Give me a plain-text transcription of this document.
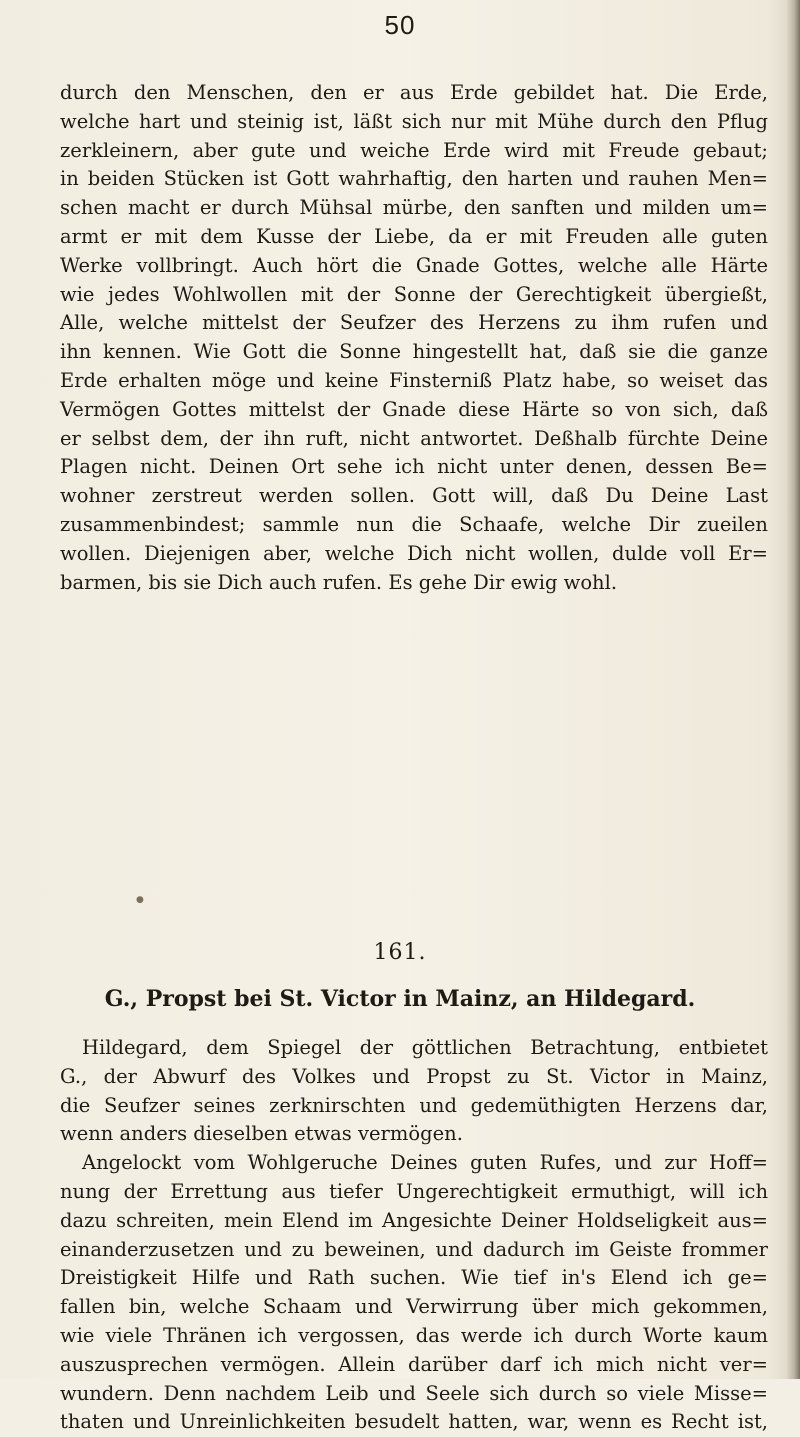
50
durch den Menschen, den er aus Erde gebildet hat. Die Erde,
welche hart und steinig ist, läßt sich nur mit Mühe durch den Pflug
zerkleinern, aber gute und weiche Erde wird mit Freude gebaut;
in beiden Stücken ist Gott wahrhaftig, den harten und rauhen Men=
schen macht er durch Mühsal mürbe, den sanften und milden um=
armt er mit dem Kusse der Liebe, da er mit Freuden alle guten
Werke vollbringt. Auch hört die Gnade Gottes, welche alle Härte
wie jedes Wohlwollen mit der Sonne der Gerechtigkeit übergießt,
Alle, welche mittelst der Seufzer des Herzens zu ihm rufen und
ihn kennen. Wie Gott die Sonne hingestellt hat, daß sie die ganze
Erde erhalten möge und keine Finsterniß Platz habe, so weiset das
Vermögen Gottes mittelst der Gnade diese Härte so von sich, daß
er selbst dem, der ihn ruft, nicht antwortet. Deßhalb fürchte Deine
Plagen nicht. Deinen Ort sehe ich nicht unter denen, dessen Be=
wohner zerstreut werden sollen. Gott will, daß Du Deine Last
zusammenbindest; sammle nun die Schaafe, welche Dir zueilen
wollen. Diejenigen aber, welche Dich nicht wollen, dulde voll Er=
barmen, bis sie Dich auch rufen. Es gehe Dir ewig wohl.
●
161.
G., Propst bei St. Victor in Mainz, an Hildegard.
Hildegard, dem Spiegel der göttlichen Betrachtung, entbietet
G., der Abwurf des Volkes und Propst zu St. Victor in Mainz,
die Seufzer seines zerknirschten und gedemüthigten Herzens dar,
wenn anders dieselben etwas vermögen.
Angelockt vom Wohlgeruche Deines guten Rufes, und zur Hoff=
nung der Errettung aus tiefer Ungerechtigkeit ermuthigt, will ich
dazu schreiten, mein Elend im Angesichte Deiner Holdseligkeit aus=
einanderzusetzen und zu beweinen, und dadurch im Geiste frommer
Dreistigkeit Hilfe und Rath suchen. Wie tief in's Elend ich ge=
fallen bin, welche Schaam und Verwirrung über mich gekommen,
wie viele Thränen ich vergossen, das werde ich durch Worte kaum
auszusprechen vermögen. Allein darüber darf ich mich nicht ver=
wundern. Denn nachdem Leib und Seele sich durch so viele Misse=
thaten und Unreinlichkeiten besudelt hatten, war, wenn es Recht ist,
